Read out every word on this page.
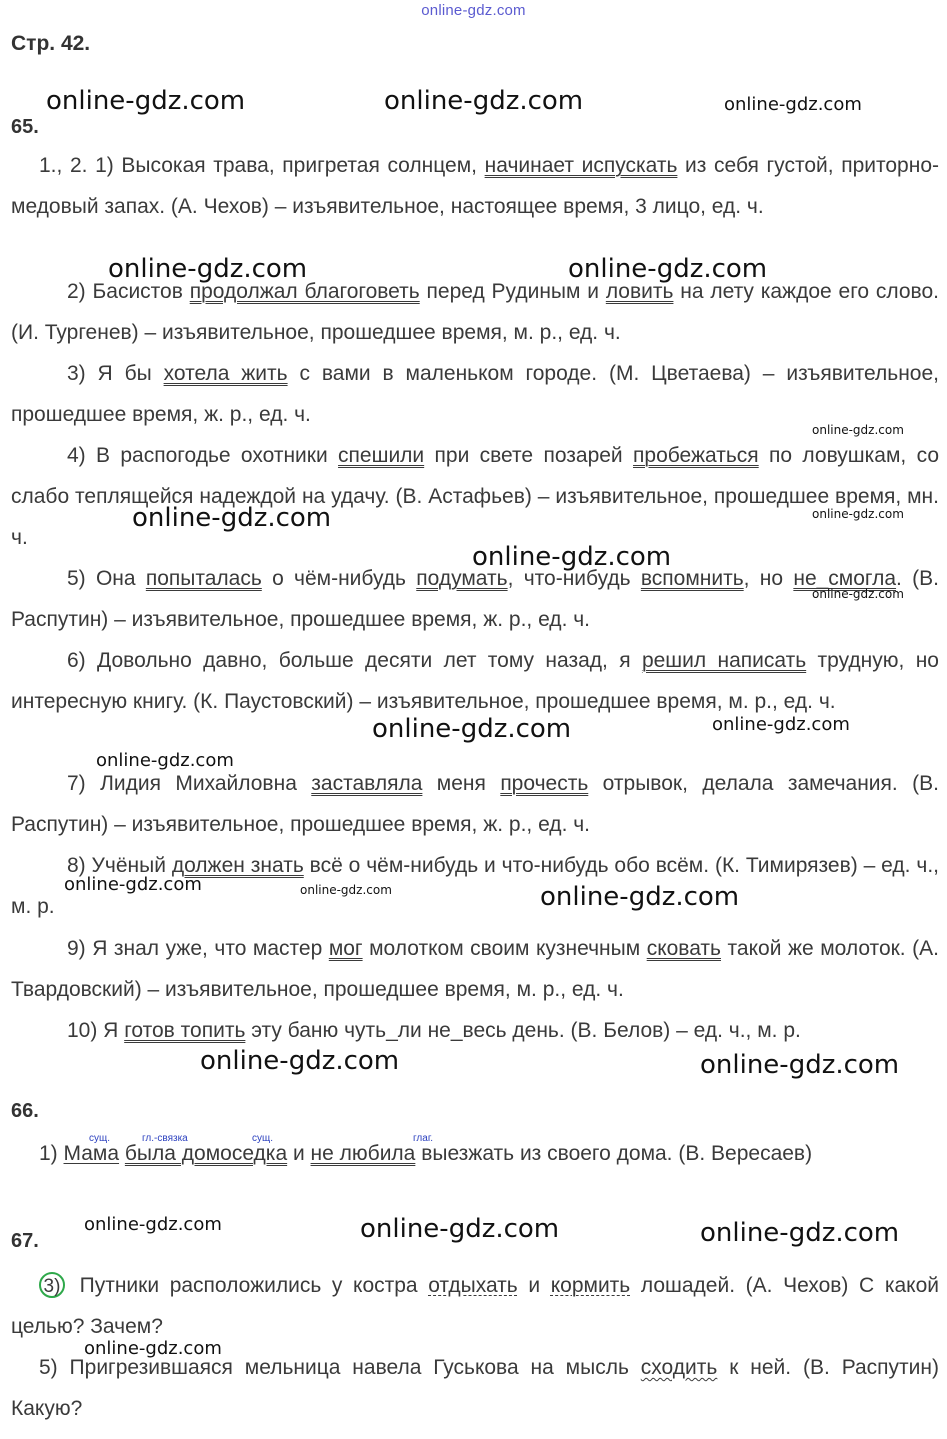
online-gdz.com
Стр. 42.
65.

1., 2. 1) Высокая трава, пригретая солнцем, начинает испускать из себя густой, приторно-медовый запах. (А. Чехов) – изъявительное, настоящее время, 3 лицо, ед. ч.

2) Басистов продолжал благоговеть перед Рудиным и ловить на лету каждое его слово. (И. Тургенев) – изъявительное, прошедшее время, м. р., ед. ч.

3) Я бы хотела жить с вами в маленьком городе. (М. Цветаева) – изъявительное, прошедшее время, ж. р., ед. ч.

4) В распогодье охотники спешили при свете позарей пробежаться по ловушкам, со слабо теплящейся надеждой на удачу. (В. Астафьев) – изъявительное, прошедшее время, мн. ч.

5) Она попыталась о чём-нибудь подумать, что-нибудь вспомнить, но не_смогла. (В. Распутин) – изъявительное, прошедшее время, ж. р., ед. ч.

6) Довольно давно, больше десяти лет тому назад, я решил написать трудную, но интересную книгу. (К. Паустовский) – изъявительное, прошедшее время, м. р., ед. ч.

7) Лидия Михайловна заставляла меня прочесть отрывок, делала замечания. (В. Распутин) – изъявительное, прошедшее время, ж. р., ед. ч.

8) Учёный должен знать всё о чём-нибудь и что-нибудь обо всём. (К. Тимирязев) – ед. ч., м. р.

9) Я знал уже, что мастер мог молотком своим кузнечным сковать такой же молоток. (А. Твардовский) – изъявительное, прошедшее время, м. р., ед. ч.

10) Я готов топить эту баню чуть_ли не_весь день. (В. Белов) – ед. ч., м. р.

66.
сущ.	гл.-связка	сущ.	глаг.

1) Мама была домоседка и не любила выезжать из своего дома. (В. Вересаев)

67.

3) Путники расположились у костра отдыхать и кормить лошадей. (А. Чехов) С какой целью? Зачем?

5) Пригрезившаяся мельница навела Гуськова на мысль сходить к ней. (В. Распутин) Какую?

online-gdz.com	online-gdz.com	online-gdz.com
online-gdz.com	online-gdz.com
online-gdz.com
online-gdz.com	online-gdz.com
online-gdz.com
online-gdz.com
online-gdz.com	online-gdz.com
online-gdz.com
online-gdz.com	online-gdz.com	online-gdz.com
online-gdz.com	online-gdz.com
online-gdz.com	online-gdz.com	online-gdz.com
online-gdz.com
